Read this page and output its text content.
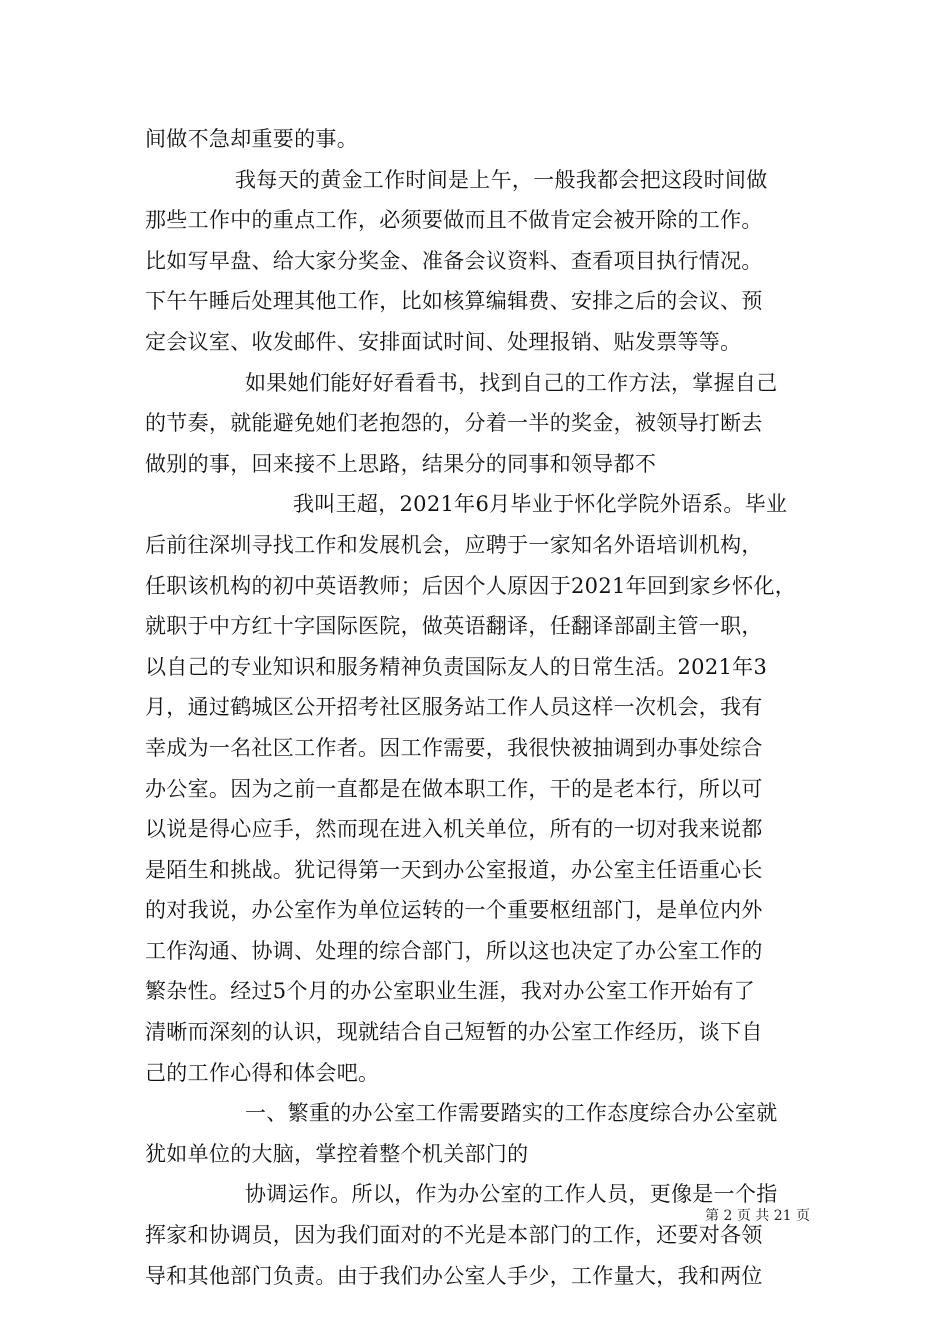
间做不急却重要的事。
我每天的黄金工作时间是上午，一般我都会把这段时间做
那些工作中的重点工作，必须要做而且不做肯定会被开除的工作。
比如写早盘、给大家分奖金、准备会议资料、查看项目执行情况。
下午午睡后处理其他工作，比如核算编辑费、安排之后的会议、预
定会议室、收发邮件、安排面试时间、处理报销、贴发票等等。
如果她们能好好看看书，找到自己的工作方法，掌握自己
的节奏，就能避免她们老抱怨的，分着一半的奖金，被领导打断去
做别的事，回来接不上思路，结果分的同事和领导都不
我叫王超，2021年6月毕业于怀化学院外语系。毕业
后前往深圳寻找工作和发展机会，应聘于一家知名外语培训机构，
任职该机构的初中英语教师；后因个人原因于2021年回到家乡怀化，
就职于中方红十字国际医院，做英语翻译，任翻译部副主管一职，
以自己的专业知识和服务精神负责国际友人的日常生活。2021年3
月，通过鹤城区公开招考社区服务站工作人员这样一次机会，我有
幸成为一名社区工作者。因工作需要，我很快被抽调到办事处综合
办公室。因为之前一直都是在做本职工作，干的是老本行，所以可
以说是得心应手，然而现在进入机关单位，所有的一切对我来说都
是陌生和挑战。犹记得第一天到办公室报道，办公室主任语重心长
的对我说，办公室作为单位运转的一个重要枢纽部门，是单位内外
工作沟通、协调、处理的综合部门，所以这也决定了办公室工作的
繁杂性。经过5个月的办公室职业生涯，我对办公室工作开始有了
清晰而深刻的认识，现就结合自己短暂的办公室工作经历，谈下自
己的工作心得和体会吧。
一、繁重的办公室工作需要踏实的工作态度综合办公室就
犹如单位的大脑，掌控着整个机关部门的
协调运作。所以，作为办公室的工作人员，更像是一个指
挥家和协调员，因为我们面对的不光是本部门的工作，还要对各领
导和其他部门负责。由于我们办公室人手少，工作量大，我和两位
第 2 页 共 21 页
